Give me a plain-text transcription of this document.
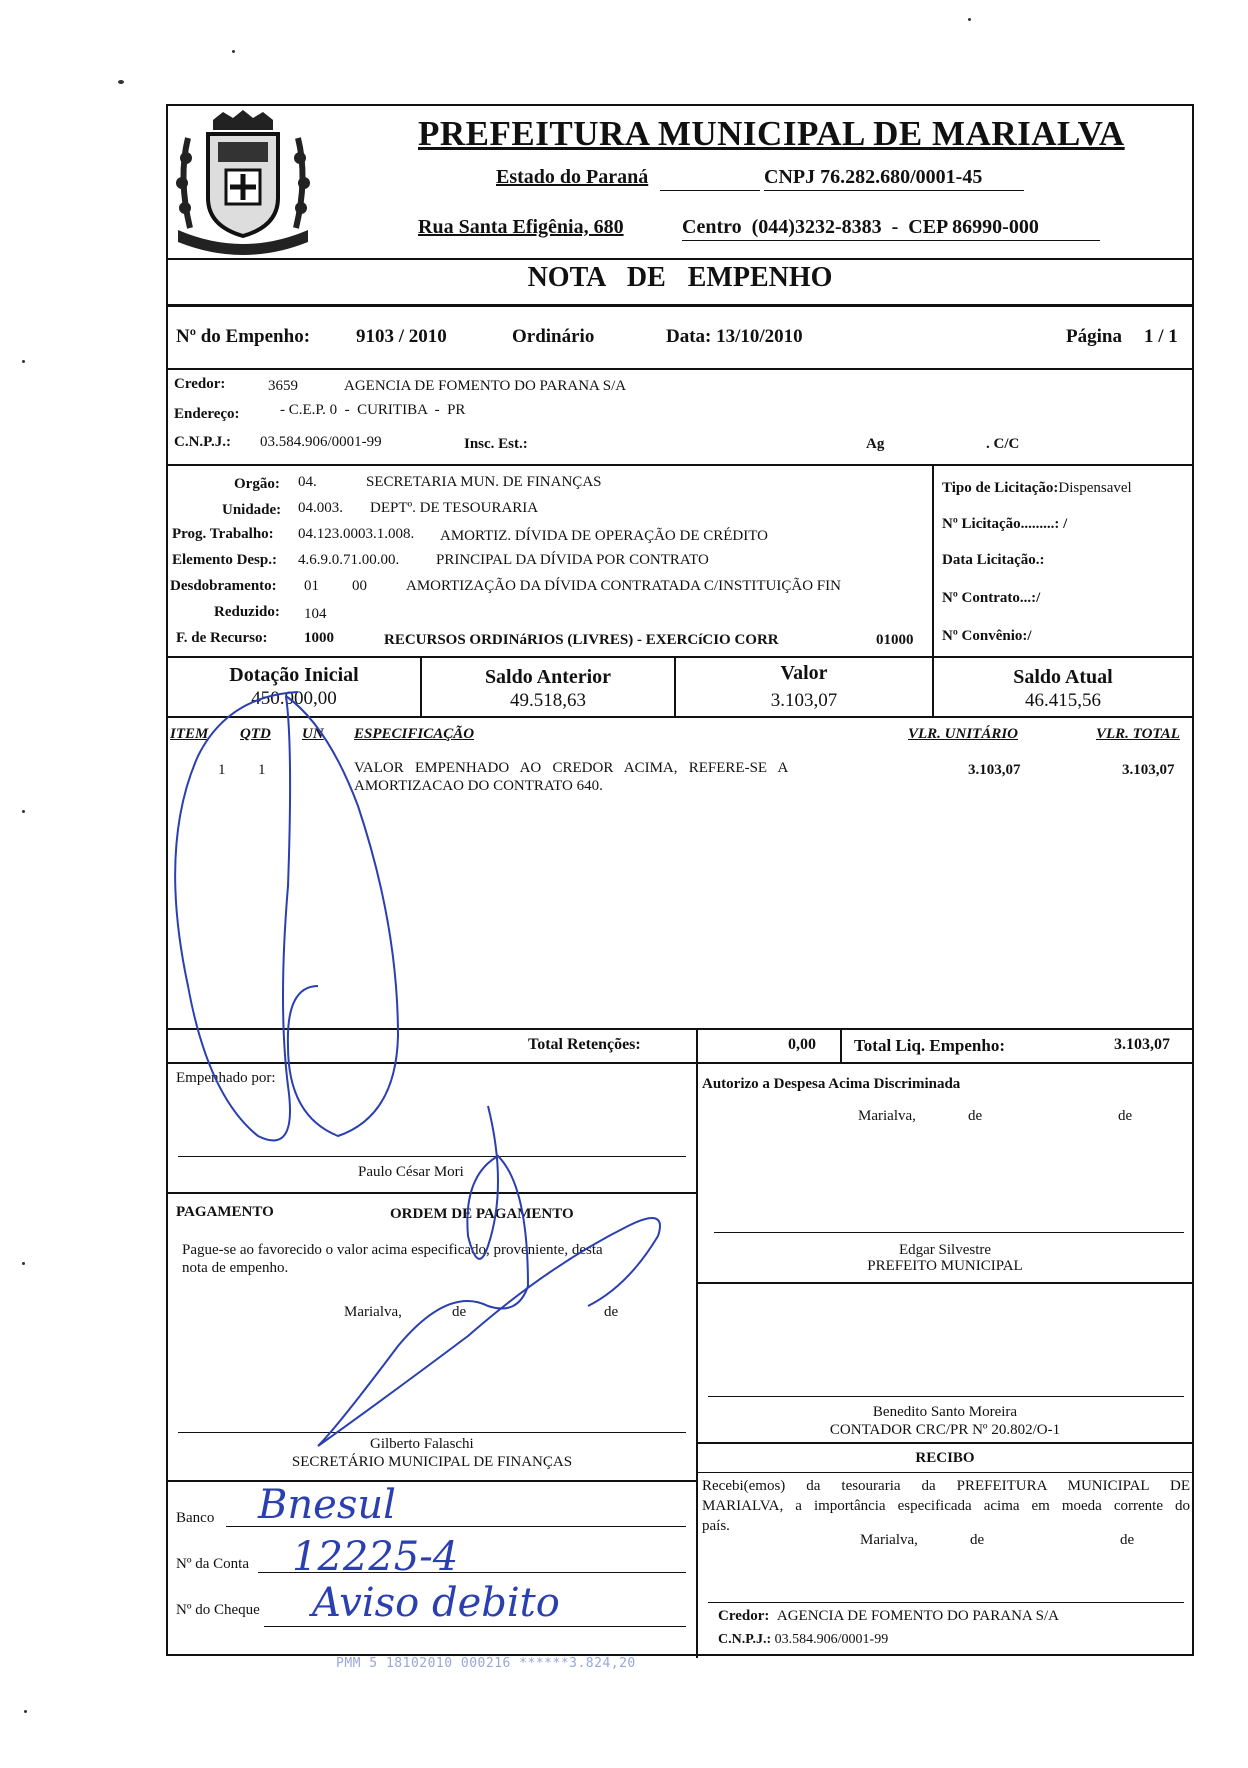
PREFEITURA MUNICIPAL DE MARIALVA
Estado do Paraná	CNPJ 76.282.680/0001-45
Rua Santa Efigênia, 680	Centro  (044)3232-8383  -  CEP 86990-000
NOTA  DE  EMPENHO
Nº do Empenho: 9103 / 2010	Ordinário	Data: 13/10/2010	Página 1 / 1
Credor:	3659	AGENCIA DE FOMENTO DO PARANA S/A
Endereço:	- C.E.P. 0  -  CURITIBA  -  PR
C.N.P.J.: 03.584.906/0001-99	Insc. Est.:	Ag	. C/C
Orgão: 04.	SECRETARIA MUN. DE FINANÇAS
Unidade: 04.003. DEPTº. DE TESOURARIA
Prog. Trabalho: 04.123.0003.1.008. AMORTIZ. DÍVIDA DE OPERAÇÃO DE CRÉDITO
Elemento Desp.: 4.6.9.0.71.00.00. PRINCIPAL DA DÍVIDA POR CONTRATO
Desdobramento: 01 00	AMORTIZAÇÃO DA DÍVIDA CONTRATADA C/INSTITUIÇÃO FIN
Reduzido: 104
F. de Recurso: 1000	RECURSOS ORDINáRIOS (LIVRES) - EXERCíCIO CORR	01000
Tipo de Licitação:Dispensavel
Nº Licitação.........: /
Data Licitação.:
Nº Contrato...:/
Nº Convênio:/
Dotação Inicial
450.000,00
Saldo Anterior
49.518,63
Valor
3.103,07
Saldo Atual
46.415,56
ITEM QTD UN ESPECIFICAÇÃO	VLR. UNITÁRIO	VLR. TOTAL
1 1	VALOR   EMPENHADO   AO   CREDOR   ACIMA,   REFERE-SE   A
AMORTIZACAO DO CONTRATO 640.
3.103,07	3.103,07
Total Retenções:	0,00 Total Liq. Empenho:	3.103,07
Empenhado por:
Paulo César Mori
Autorizo a Despesa Acima Discriminada
Marialva,	de	de
Edgar Silvestre
PREFEITO MUNICIPAL
Benedito Santo Moreira
CONTADOR CRC/PR Nº 20.802/O-1
PAGAMENTO	ORDEM DE PAGAMENTO
Pague-se ao favorecido o valor acima especificado, proveniente, desta
nota de empenho.
Marialva,	de	de
Gilberto Falaschi
SECRETÁRIO MUNICIPAL DE FINANÇAS	RECIBO
Recebi(emos) da tesouraria da PREFEITURA MUNICIPAL DE
MARIALVA, a importância especificada acima em moeda corrente do
país.
Marialva,	de	de
Credor: AGENCIA DE FOMENTO DO PARANA S/A
C.N.P.J.: 03.584.906/0001-99
Banco Bnesul
Nº da Conta 12225-4
Nº do Cheque Aviso debito
PMM 5 18102010 000216 ******3.824,20
